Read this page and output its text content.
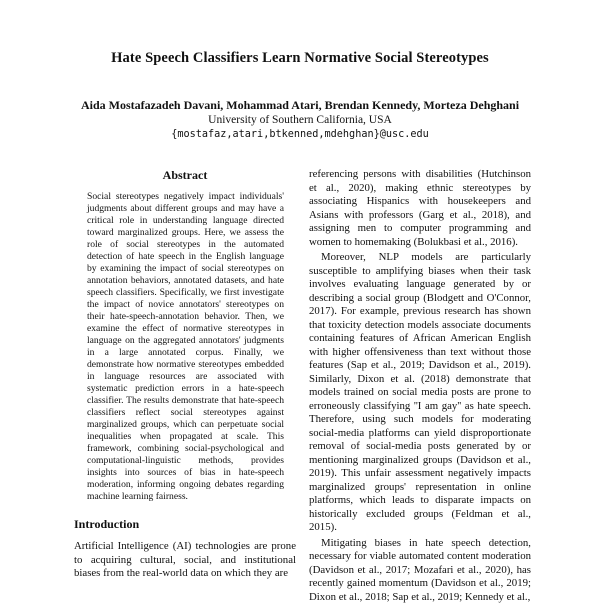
Hate Speech Classifiers Learn Normative Social Stereotypes
Aida Mostafazadeh Davani, Mohammad Atari, Brendan Kennedy, Morteza Dehghani
University of Southern California, USA
{mostafaz,atari,btkenned,mdehghan}@usc.edu
Abstract

Social stereotypes negatively impact individuals' judgments about different groups and may have a critical role in understanding language directed toward marginalized groups. Here, we assess the role of social stereotypes in the automated detection of hate speech in the English language by examining the impact of social stereotypes on annotation behaviors, annotated datasets, and hate speech classifiers. Specifically, we first investigate the impact of novice annotators' stereotypes on their hate-speech-annotation behavior. Then, we examine the effect of normative stereotypes in language on the aggregated annotators' judgments in a large annotated corpus. Finally, we demonstrate how normative stereotypes embedded in language resources are associated with systematic prediction errors in a hate-speech classifier. The results demonstrate that hate-speech classifiers reflect social stereotypes against marginalized groups, which can perpetuate social inequalities when propagated at scale. This framework, combining social-psychological and computational-linguistic methods, provides insights into sources of bias in hate-speech moderation, informing ongoing debates regarding machine learning fairness.

Introduction

Artificial Intelligence (AI) technologies are prone to acquiring cultural, social, and institutional biases from the real-world data on which they are

referencing persons with disabilities (Hutchinson et al., 2020), making ethnic stereotypes by associating Hispanics with housekeepers and Asians with professors (Garg et al., 2018), and assigning men to computer programming and women to homemaking (Bolukbasi et al., 2016).

Moreover, NLP models are particularly susceptible to amplifying biases when their task involves evaluating language generated by or describing a social group (Blodgett and O'Connor, 2017). For example, previous research has shown that toxicity detection models associate documents containing features of African American English with higher offensiveness than text without those features (Sap et al., 2019; Davidson et al., 2019). Similarly, Dixon et al. (2018) demonstrate that models trained on social media posts are prone to erroneously classifying ''I am gay'' as hate speech. Therefore, using such models for moderating social-media platforms can yield disproportionate removal of social-media posts generated by or mentioning marginalized groups (Davidson et al., 2019). This unfair assessment negatively impacts marginalized groups' representation in online platforms, which leads to disparate impacts on historically excluded groups (Feldman et al., 2015).

Mitigating biases in hate speech detection, necessary for viable automated content moderation (Davidson et al., 2017; Mozafari et al., 2020), has recently gained momentum (Davidson et al., 2019; Dixon et al., 2018; Sap et al., 2019; Kennedy et al.,
